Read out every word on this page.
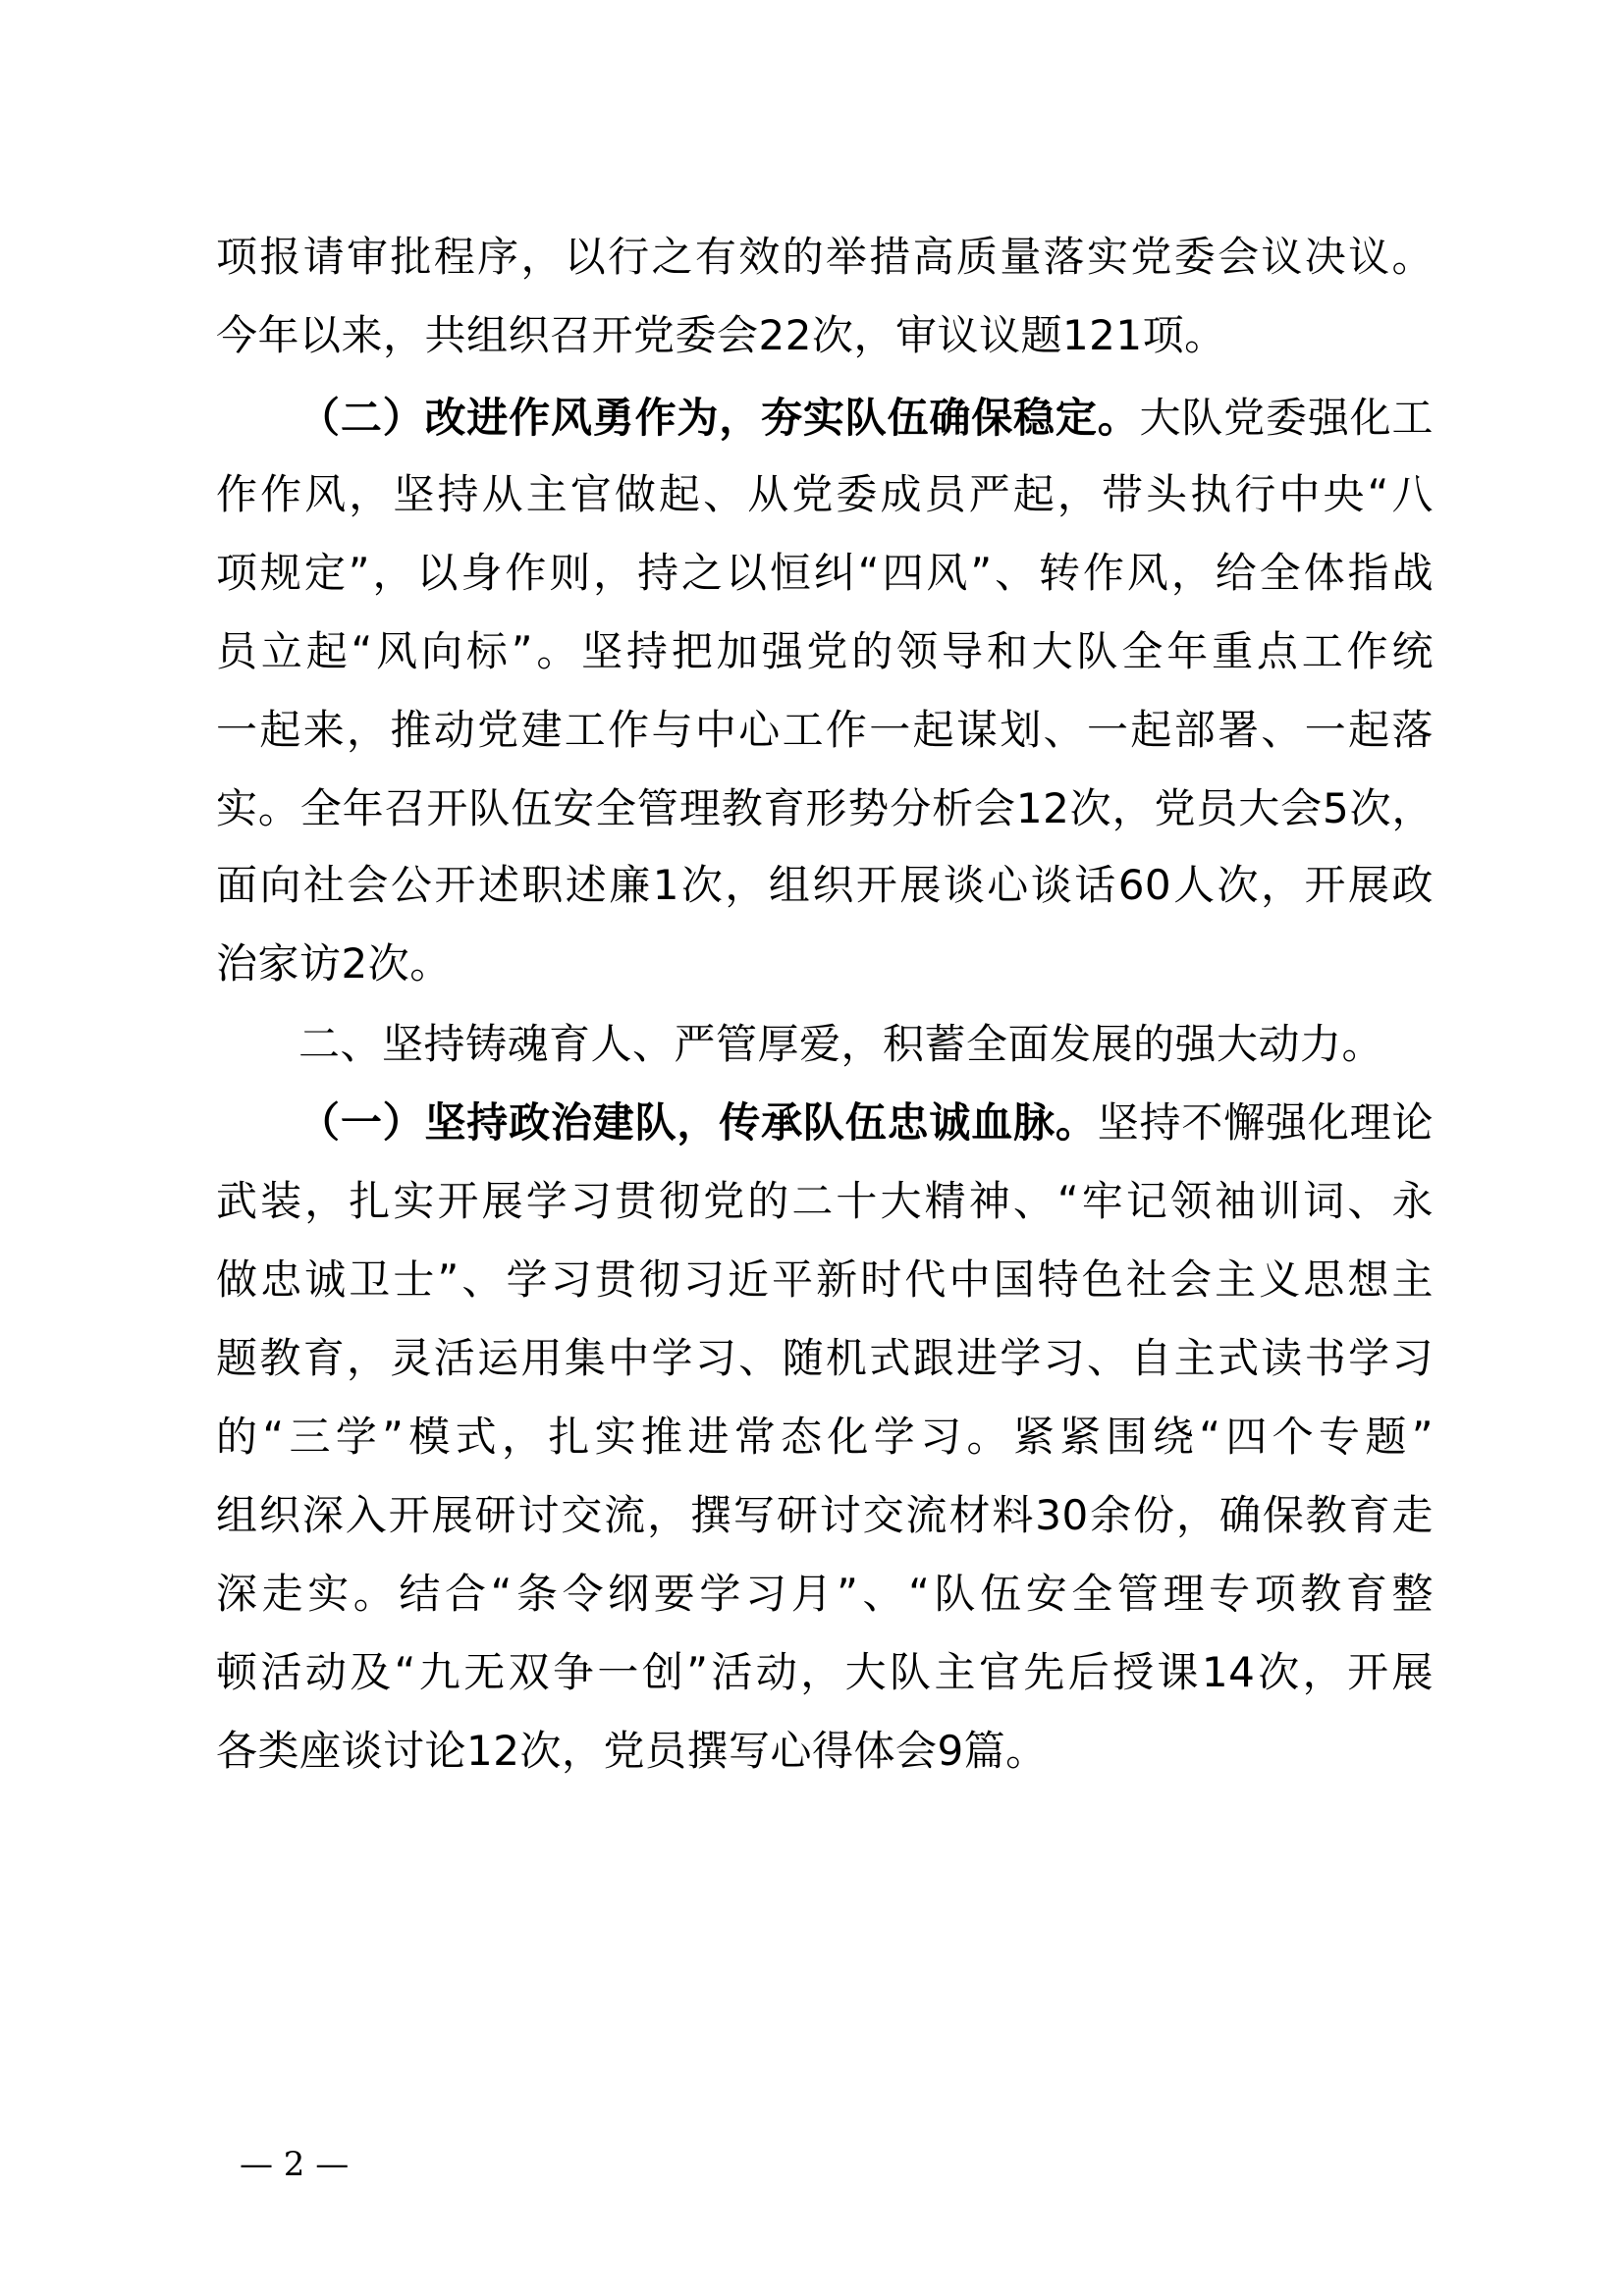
项报请审批程序，以行之有效的举措高质量落实党委会议决议。
今年以来，共组织召开党委会22次，审议议题121项。
（二）改进作风勇作为，夯实队伍确保稳定。大队党委强化工
作作风，坚持从主官做起、从党委成员严起，带头执行中央“八
项规定”，以身作则，持之以恒纠“四风”、转作风，给全体指战
员立起“风向标”。坚持把加强党的领导和大队全年重点工作统
一起来，推动党建工作与中心工作一起谋划、一起部署、一起落
实。全年召开队伍安全管理教育形势分析会12次，党员大会5次，
面向社会公开述职述廉1次，组织开展谈心谈话60人次，开展政
治家访2次。
二、坚持铸魂育人、严管厚爱，积蓄全面发展的强大动力。
（一）坚持政治建队，传承队伍忠诚血脉。坚持不懈强化理论
武装，扎实开展学习贯彻党的二十大精神、“牢记领袖训词、永
做忠诚卫士”、学习贯彻习近平新时代中国特色社会主义思想主
题教育，灵活运用集中学习、随机式跟进学习、自主式读书学习
的“三学”模式，扎实推进常态化学习。紧紧围绕“四个专题”
组织深入开展研讨交流，撰写研讨交流材料30余份，确保教育走
深走实。结合“条令纲要学习月”、“队伍安全管理专项教育整
顿活动及“九无双争一创”活动，大队主官先后授课14次，开展
各类座谈讨论12次，党员撰写心得体会9篇。
— 2 —
